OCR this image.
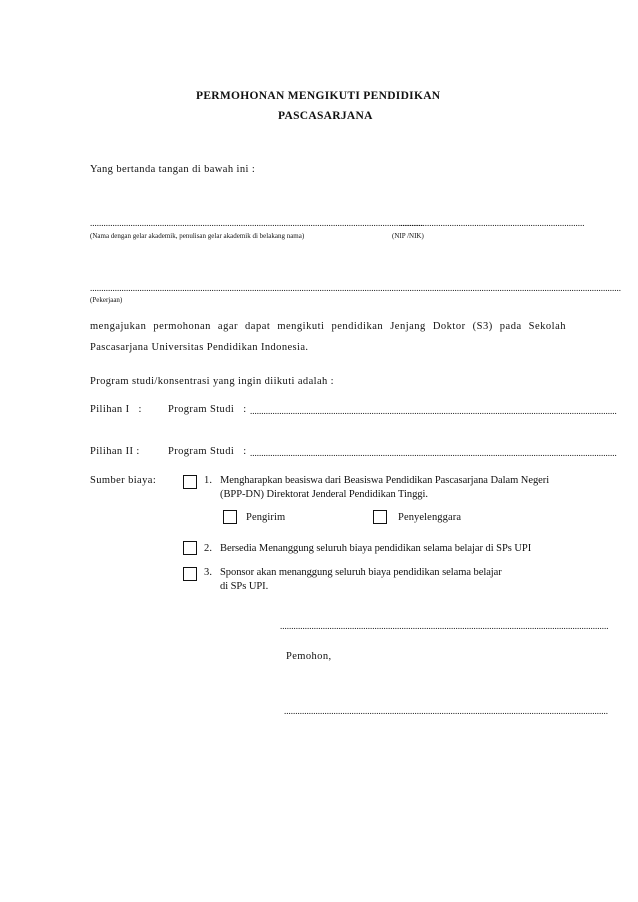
PERMOHONAN MENGIKUTI PENDIDIKAN
PASCASARJANA
Yang bertanda tangan di bawah ini :
....................................................................................................................................................
(Nama dengan gelar akademik, penulisan gelar akademik di belakang nama)
..................................................................................
(NIP /NIK)
............................................................................................................................................................................................................................................
(Pekerjaan)
mengajukan permohonan agar dapat mengikuti pendidikan Jenjang Doktor (S3) pada Sekolah
Pascasarjana Universitas Pendidikan Indonesia.
Program studi/konsentrasi yang ingin diikuti adalah :
Pilihan I   : Program Studi   : ...................................................................................................................................................................
Pilihan II :	Program Studi   : ...................................................................................................................................................................
Sumber biaya:	1. Mengharapkan beasiswa dari Beasiswa Pendidikan Pascasarjana Dalam Negeri
(BPP-DN) Direktorat Jenderal Pendidikan Tinggi.
Pengirim	Penyelenggara
2. Bersedia Menanggung seluruh biaya pendidikan selama belajar di SPs UPI
3. Sponsor akan menanggung seluruh biaya pendidikan selama belajar
di SPs UPI.
..................................................................................................................................................
Pemohon,
................................................................................................................................................
